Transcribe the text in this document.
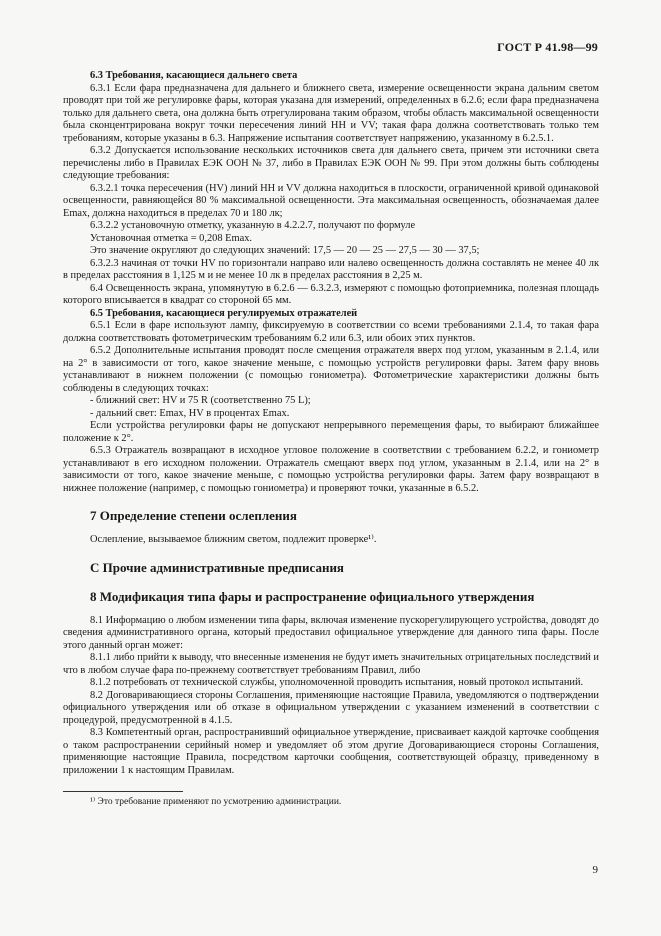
ГОСТ Р 41.98—99

6.3 Требования, касающиеся дальнего света

6.3.1 Если фара предназначена для дальнего и ближнего света, измерение освещенности экрана дальним светом проводят при той же регулировке фары, которая указана для измерений, определенных в 6.2.6; если фара предназначена только для дальнего света, она должна быть отрегулирована таким образом, чтобы область максимальной освещенности была сконцентрирована вокруг точки пересечения линий НН и VV; такая фара должна соответствовать только тем требованиям, которые указаны в 6.3. Напряжение испытания соответствует напряжению, указанному в 6.2.5.1.

6.3.2 Допускается использование нескольких источников света для дальнего света, причем эти источники света перечислены либо в Правилах ЕЭК ООН № 37, либо в Правилах ЕЭК ООН № 99. При этом должны быть соблюдены следующие требования:

6.3.2.1 точка пересечения (HV) линий НН и VV должна находиться в плоскости, ограниченной кривой одинаковой освещенности, равняющейся 80 % максимальной освещенности. Эта максимальная освещенность, обозначаемая далее Emax, должна находиться в пределах 70 и 180 лк;

6.3.2.2 установочную отметку, указанную в 4.2.2.7, получают по формуле

Установочная отметка = 0,208 Emax.

Это значение округляют до следующих значений: 17,5 — 20 — 25 — 27,5 — 30 — 37,5;

6.3.2.3 начиная от точки HV по горизонтали направо или налево освещенность должна составлять не менее 40 лк в пределах расстояния в 1,125 м и не менее 10 лк в пределах расстояния в 2,25 м.

6.4 Освещенность экрана, упомянутую в 6.2.6 — 6.3.2.3, измеряют с помощью фотоприемника, полезная площадь которого вписывается в квадрат со стороной 65 мм.

6.5 Требования, касающиеся регулируемых отражателей

6.5.1 Если в фаре используют лампу, фиксируемую в соответствии со всеми требованиями 2.1.4, то такая фара должна соответствовать фотометрическим требованиям 6.2 или 6.3, или обоих этих пунктов.

6.5.2 Дополнительные испытания проводят после смещения отражателя вверх под углом, указанным в 2.1.4, или на 2° в зависимости от того, какое значение меньше, с помощью устройств регулировки фары. Затем фару вновь устанавливают в нижнем положении (с помощью гониометра). Фотометрические характеристики должны быть соблюдены в следующих точках:

- ближний свет: HV и 75 R (соответственно 75 L);

- дальний свет: Emax, HV в процентах Emax.

Если устройства регулировки фары не допускают непрерывного перемещения фары, то выбирают ближайшее положение к 2°.

6.5.3 Отражатель возвращают в исходное угловое положение в соответствии с требованием 6.2.2, и гониометр устанавливают в его исходном положении. Отражатель смещают вверх под углом, указанным в 2.1.4, или на 2° в зависимости от того, какое значение меньше, с помощью устройства регулировки фары. Затем фару возвращают в нижнее положение (например, с помощью гониометра) и проверяют точки, указанные в 6.5.2.

7 Определение степени ослепления

Ослепление, вызываемое ближним светом, подлежит проверке¹⁾.

С Прочие административные предписания

8 Модификация типа фары и распространение официального утверждения

8.1 Информацию о любом изменении типа фары, включая изменение пускорегулирующего устройства, доводят до сведения административного органа, который предоставил официальное утверждение для данного типа фары. После этого данный орган может:

8.1.1 либо прийти к выводу, что внесенные изменения не будут иметь значительных отрицательных последствий и что в любом случае фара по-прежнему соответствует требованиям Правил, либо

8.1.2 потребовать от технической службы, уполномоченной проводить испытания, новый протокол испытаний.

8.2 Договаривающиеся стороны Соглашения, применяющие настоящие Правила, уведомляются о подтверждении официального утверждения или об отказе в официальном утверждении с указанием изменений в соответствии с процедурой, предусмотренной в 4.1.5.

8.3 Компетентный орган, распространивший официальное утверждение, присваивает каждой карточке сообщения о таком распространении серийный номер и уведомляет об этом другие Договаривающиеся стороны Соглашения, применяющие настоящие Правила, посредством карточки сообщения, соответствующей образцу, приведенному в приложении 1 к настоящим Правилам.

¹⁾ Это требование применяют по усмотрению администрации.

9
